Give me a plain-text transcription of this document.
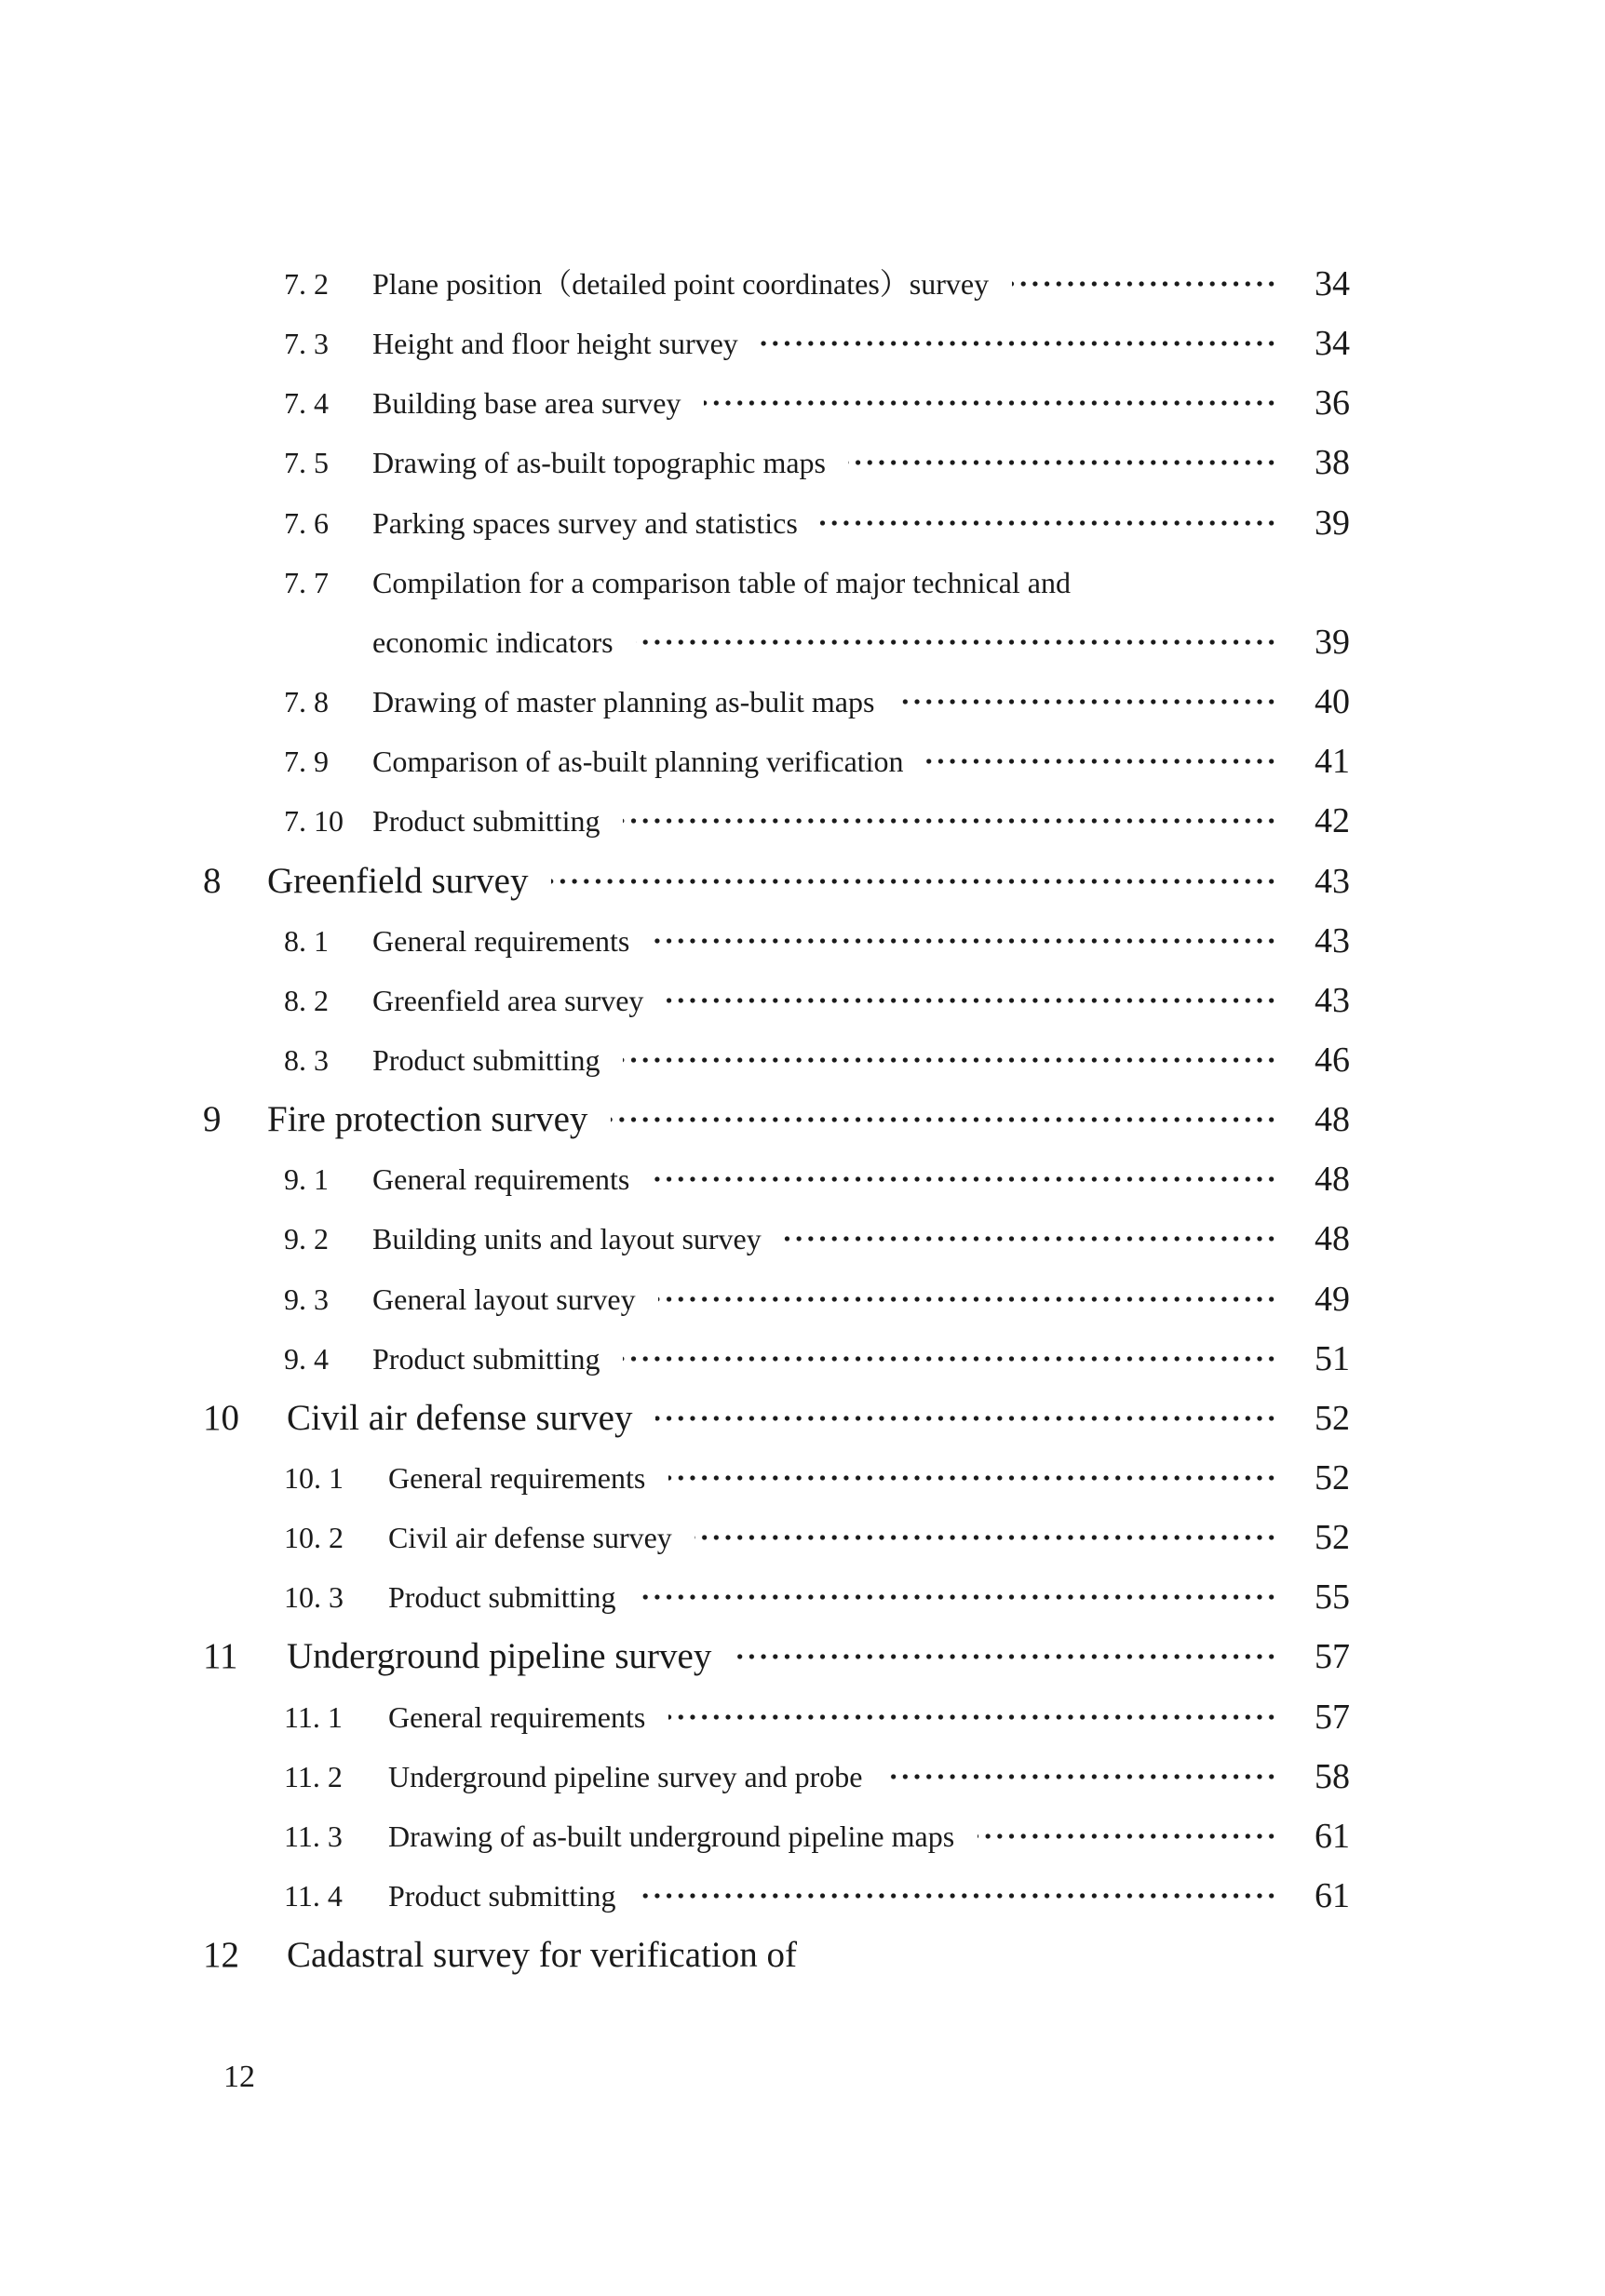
7. 2 Plane position（detailed point coordinates）survey	34
7. 3 Height and floor height survey	34
7. 4 Building base area survey	36
7. 5 Drawing of as-built topographic maps	38
7. 6 Parking spaces survey and statistics	39
7. 7 Compilation for a comparison table of major technical and
economic indicators	39
7. 8 Drawing of master planning as-bulit maps	40
7. 9 Comparison of as-built planning verification	41
7. 10 Product submitting	42
8 Greenfield survey	43
8. 1 General requirements	43
8. 2 Greenfield area survey	43
8. 3 Product submitting	46
9 Fire protection survey	48
9. 1 General requirements	48
9. 2 Building units and layout survey	48
9. 3 General layout survey	49
9. 4 Product submitting	51
10 Civil air defense survey	52
10. 1 General requirements	52
10. 2 Civil air defense survey	52
10. 3 Product submitting	55
11 Underground pipeline survey	57
11. 1 General requirements	57
11. 2 Underground pipeline survey and probe	58
11. 3 Drawing of as-built underground pipeline maps	61
11. 4 Product submitting	61
12 Cadastral survey for verification of
12
